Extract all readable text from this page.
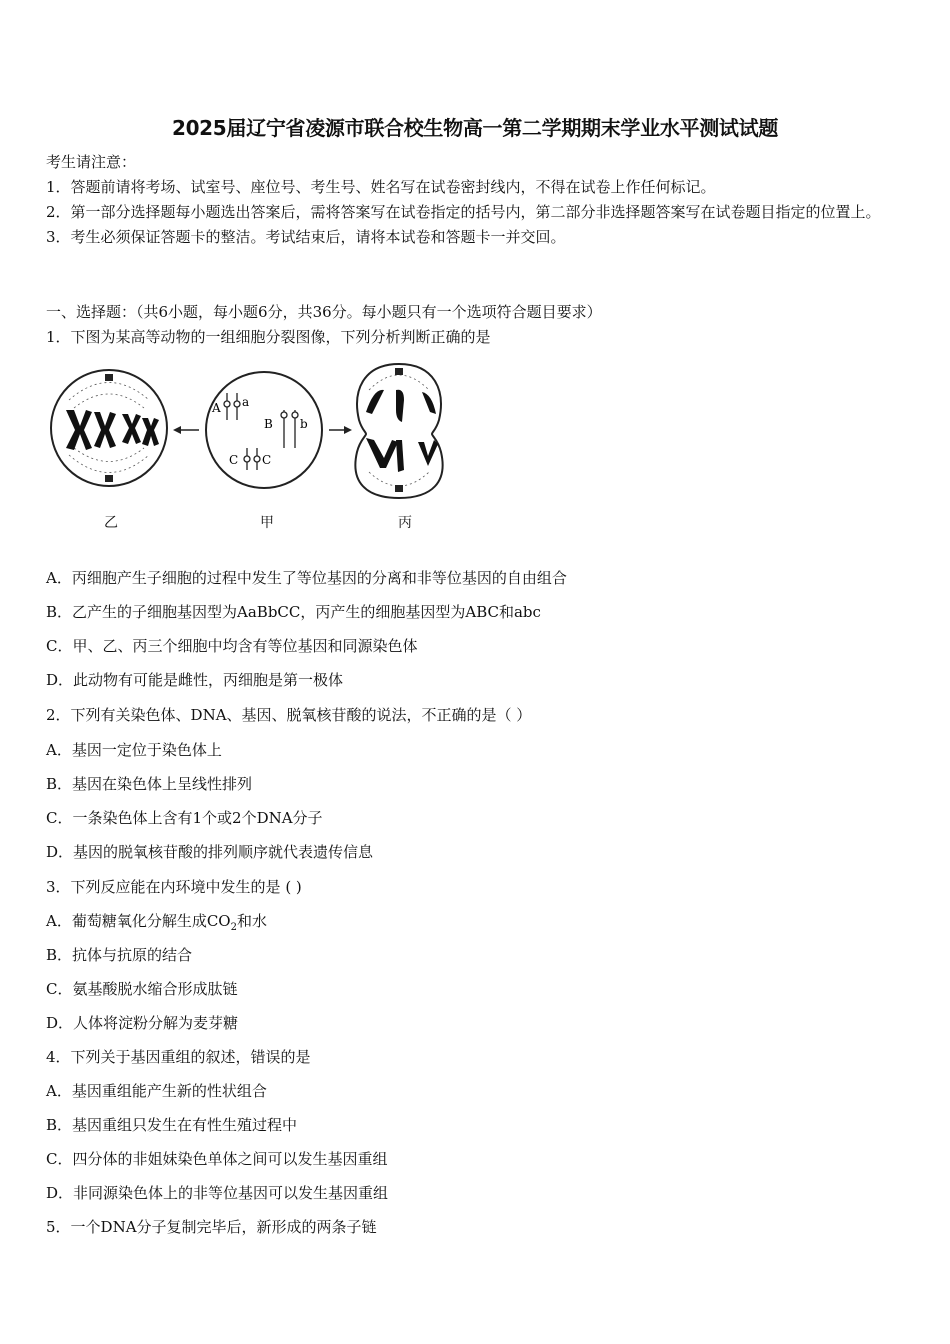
2025届辽宁省凌源市联合校生物高一第二学期期末学业水平测试试题
考生请注意：
1．答题前请将考场、试室号、座位号、考生号、姓名写在试卷密封线内，不得在试卷上作任何标记。
2．第一部分选择题每小题选出答案后，需将答案写在试卷指定的括号内，第二部分非选择题答案写在试卷题目指定的位置上。
3．考生必须保证答题卡的整洁。考试结束后，请将本试卷和答题卡一并交回。
一、选择题：（共6小题，每小题6分，共36分。每小题只有一个选项符合题目要求）
1．下图为某高等动物的一组细胞分裂图像，下列分析判断正确的是
A a
B b
C C
乙	甲	丙
A．丙细胞产生子细胞的过程中发生了等位基因的分离和非等位基因的自由组合
B．乙产生的子细胞基因型为AaBbCC，丙产生的细胞基因型为ABC和abc
C．甲、乙、丙三个细胞中均含有等位基因和同源染色体
D．此动物有可能是雌性，丙细胞是第一极体
2．下列有关染色体、DNA、基因、脱氧核苷酸的说法，不正确的是（ ）
A．基因一定位于染色体上
B．基因在染色体上呈线性排列
C．一条染色体上含有1个或2个DNA分子
D．基因的脱氧核苷酸的排列顺序就代表遗传信息
3．下列反应能在内环境中发生的是 ( )
A．葡萄糖氧化分解生成$CO_2$和水
B．抗体与抗原的结合
C．氨基酸脱水缩合形成肽链
D．人体将淀粉分解为麦芽糖
4．下列关于基因重组的叙述，错误的是
A．基因重组能产生新的性状组合
B．基因重组只发生在有性生殖过程中
C．四分体的非姐妹染色单体之间可以发生基因重组
D．非同源染色体上的非等位基因可以发生基因重组
5．一个DNA分子复制完毕后，新形成的两条子链
